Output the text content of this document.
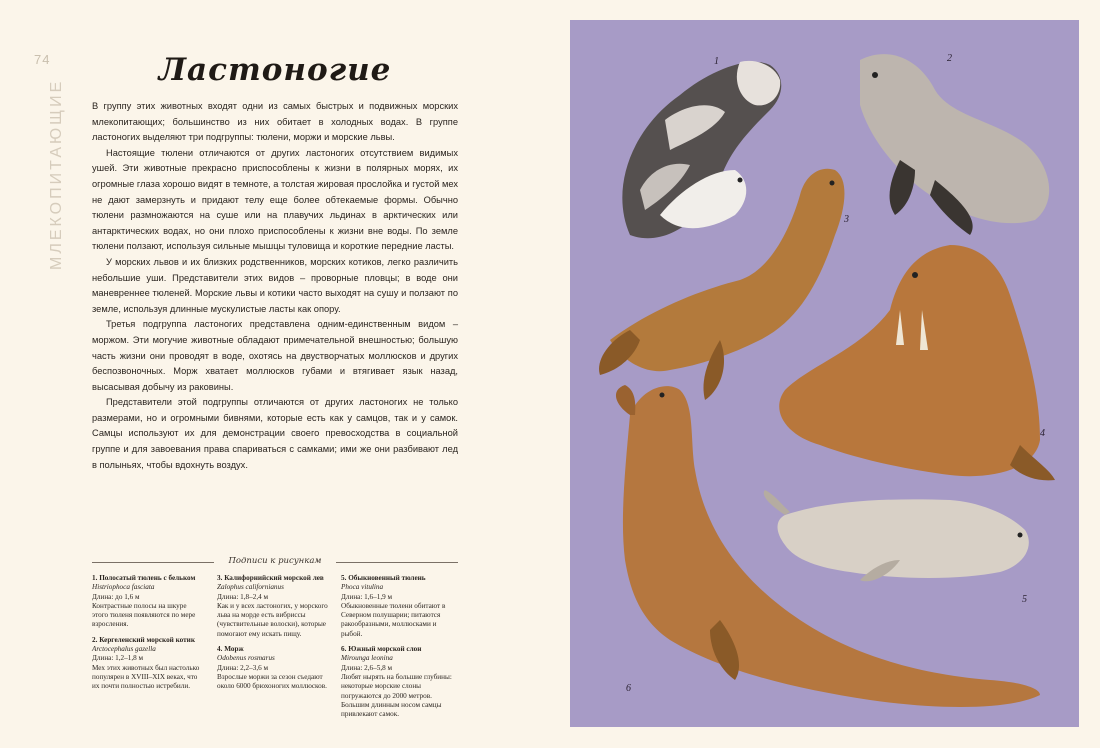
74
МЛЕКОПИТАЮЩИЕ
Ластоногие

В группу этих животных входят одни из самых быстрых и подвижных морских млекопитающих; большинство из них обитает в холодных водах. В группе ластоногих выделяют три подгруппы: тюлени, моржи и морские львы.

Настоящие тюлени отличаются от других ластоногих отсутствием видимых ушей. Эти животные прекрасно приспособлены к жизни в полярных морях, их огромные глаза хорошо видят в темноте, а толстая жировая прослойка и густой мех не дают замерзнуть и придают телу еще более обтекаемые формы. Обычно тюлени размножаются на суше или на плавучих льдинах в арктических или антарктических водах, но они плохо приспособлены к жизни вне воды. По земле тюлени ползают, используя сильные мышцы туловища и короткие передние ласты.

У морских львов и их близких родственников, морских котиков, легко различить небольшие уши. Представители этих видов – проворные пловцы; в воде они маневреннее тюленей. Морские львы и котики часто выходят на сушу и ползают по земле, используя длинные мускулистые ласты как опору.

Третья подгруппа ластоногих представлена одним-единственным видом – моржом. Эти могучие животные обладают примечательной внешностью; большую часть жизни они проводят в воде, охотясь на двустворчатых моллюсков и других беспозвоночных. Морж хватает моллюсков губами и втягивает язык назад, высасывая добычу из раковины.

Представители этой подгруппы отличаются от других ластоногих не только размерами, но и огромными бивнями, которые есть как у самцов, так и у самок. Самцы используют их для демонстрации своего превосходства в социальной группе и для завоевания права спариваться с самками; ими же они разбивают лед в полыньях, чтобы вдохнуть воздух.

Подписи к рисункам
1. Полосатый тюлень с бельком
Histriophoca fasciata
Длина: до 1,6 м
Контрастные полосы на шкуре этого тюленя появляются по мере взросления.
2. Кергеленский морской котик
Arctocephalus gazella
Длина: 1,2–1,8 м
Мех этих животных был настолько популярен в XVIII–XIX веках, что их почти полностью истребили.
3. Калифорнийский морской лев
Zalophus californianus
Длина: 1,8–2,4 м
Как и у всех ластоногих, у морского льва на морде есть вибриссы (чувствительные волоски), которые помогают ему искать пищу.
4. Морж
Odobenus rosmarus
Длина: 2,2–3,6 м
Взрослые моржи за сезон съедают около 6000 брюхоногих моллюсков.
5. Обыкновенный тюлень
Phoca vitulina
Длина: 1,6–1,9 м
Обыкновенные тюлени обитают в Северном полушарии; питаются ракообразными, моллюсками и рыбой.
6. Южный морской слон
Mirounga leonina
Длина: 2,6–5,8 м
Любят нырять на большие глубины: некоторые морские слоны погружаются до 2000 метров. Большим длинным носом самцы привлекают самок.
1	2
3
4
5
6
